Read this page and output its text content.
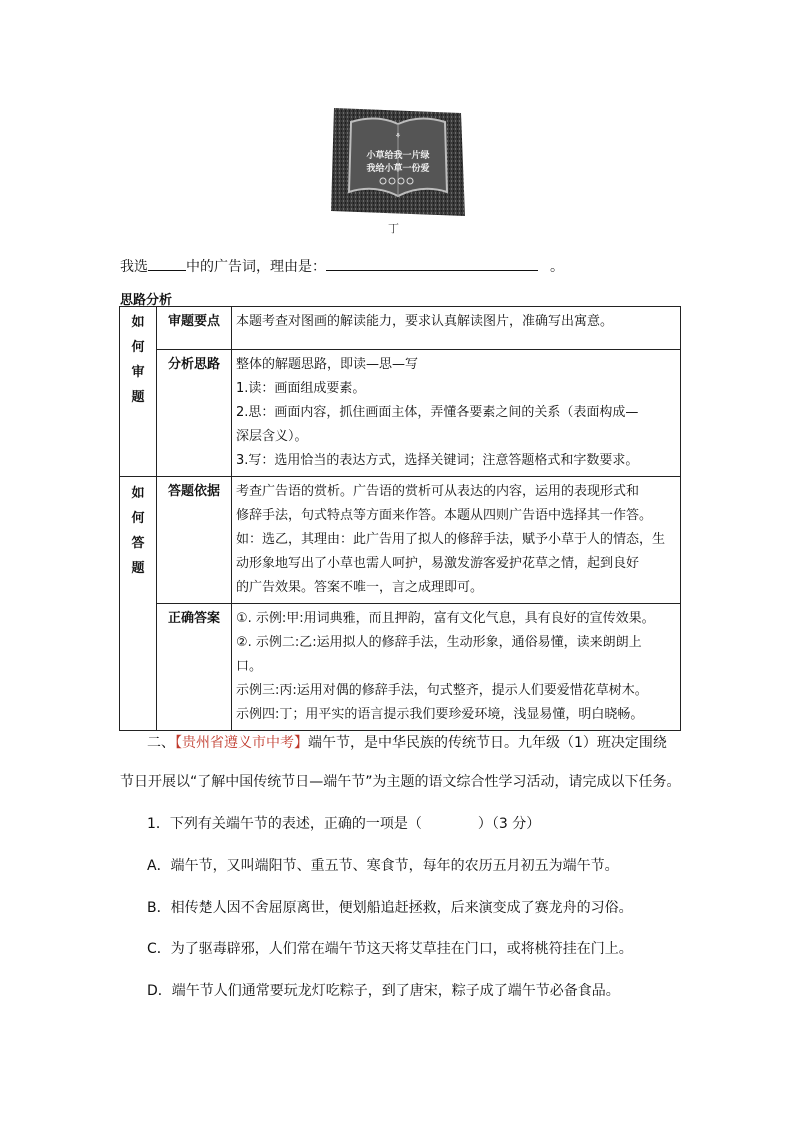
⚘
小草给我一片绿
我给小草一份爱
丁
我选	中的广告词，理由是：	。
思路分析
如何审题	审题要点	本题考查对图画的解读能力，要求认真解读图片，准确写出寓意。

	分析思路	整体的解题思路，即读—思—写
1.读：画面组成要素。
2.思：画面内容，抓住画面主体，弄懂各要素之间的关系（表面构成—
深层含义）。
3.写：选用恰当的表达方式，选择关键词；注意答题格式和字数要求。

如何答题	答题依据	考查广告语的赏析。广告语的赏析可从表达的内容，运用的表现形式和
修辞手法，句式特点等方面来作答。本题从四则广告语中选择其一作答。
如：选乙，其理由：此广告用了拟人的修辞手法，赋予小草于人的情态，生
动形象地写出了小草也需人呵护，易激发游客爱护花草之情，起到良好
的广告效果。答案不唯一，言之成理即可。

	正确答案	①. 示例:甲:用词典雅，而且押韵，富有文化气息，具有良好的宣传效果。
②. 示例二:乙:运用拟人的修辞手法，生动形象，通俗易懂，读来朗朗上
口。
示例三:丙:运用对偶的修辞手法，句式整齐，提示人们要爱惜花草树木。
示例四:丁；用平实的语言提示我们要珍爱环境，浅显易懂，明白晓畅。
二、【贵州省遵义市中考】端午节，是中华民族的传统节日。九年级（1）班决定围绕
节日开展以“了解中国传统节日—端午节”为主题的语文综合性学习活动，请完成以下任务。
1．下列有关端午节的表述，正确的一项是（　　　　）（3 分）
A．端午节，又叫端阳节、重五节、寒食节，每年的农历五月初五为端午节。
B．相传楚人因不舍屈原离世，便划船追赶拯救，后来演变成了赛龙舟的习俗。
C．为了驱毒辟邪，人们常在端午节这天将艾草挂在门口，或将桃符挂在门上。
D．端午节人们通常要玩龙灯吃粽子，到了唐宋，粽子成了端午节必备食品。
